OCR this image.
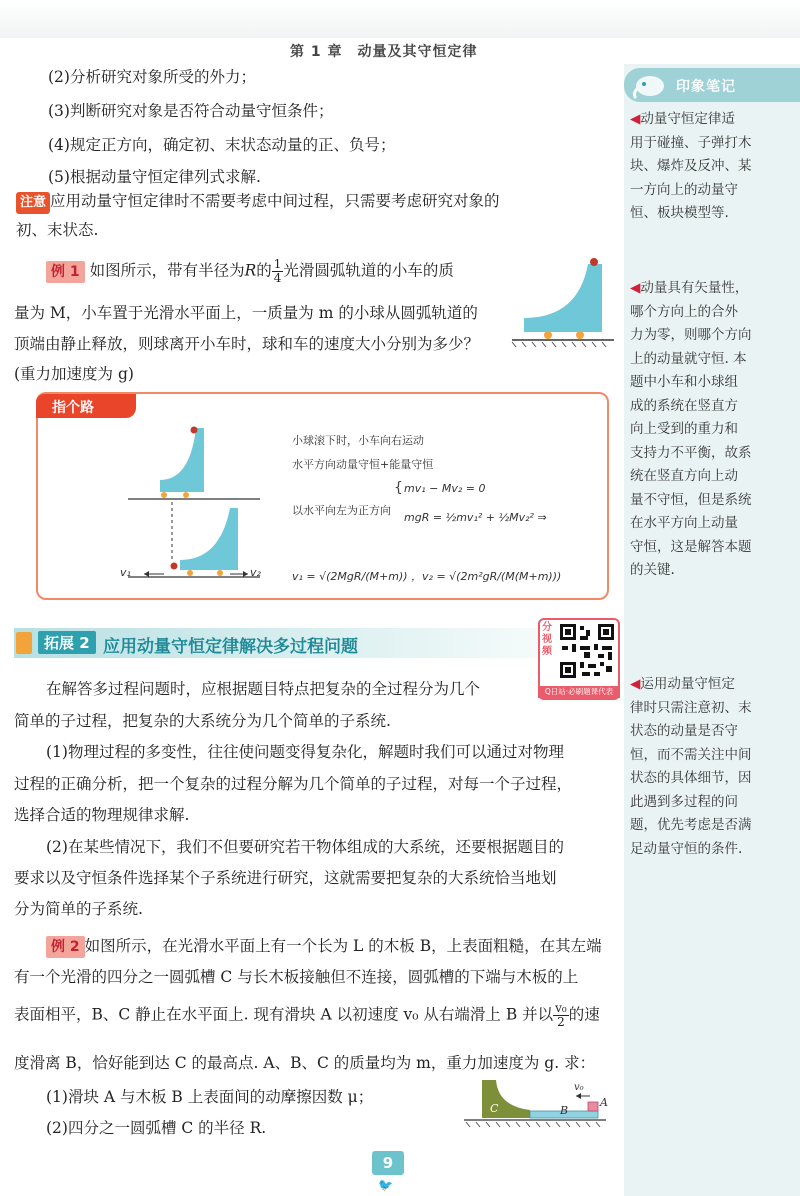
第 1 章　动量及其守恒定律
印象笔记
◀动量守恒定律适
用于碰撞、子弹打木
块、爆炸及反冲、某
一方向上的动量守
恒、板块模型等.
◀动量具有矢量性，
哪个方向上的合外
力为零，则哪个方向
上的动量就守恒. 本
题中小车和小球组
成的系统在竖直方
向上受到的重力和
支持力不平衡，故系
统在竖直方向上动
量不守恒，但是系统
在水平方向上动量
守恒，这是解答本题
的关键.
◀运用动量守恒定
律时只需注意初、末
状态的动量是否守
恒，而不需关注中间
状态的具体细节，因
此遇到多过程的问
题，优先考虑是否满
足动量守恒的条件.
(2)分析研究对象所受的外力；
(3)判断研究对象是否符合动量守恒条件；
(4)规定正方向，确定初、末状态动量的正、负号；
(5)根据动量守恒定律列式求解.
注意 应用动量守恒定律时不需要考虑中间过程，只需要考虑研究对象的
初、末状态.
例 1 如图所示，带有半径为R的 $\frac{1}{4}$ 光滑圆弧轨道的小车的质
量为 M，小车置于光滑水平面上，一质量为 m 的小球从圆弧轨道的
顶端由静止释放，则球离开小车时，球和车的速度大小分别为多少？
(重力加速度为 g)
指个路
v₁	v₂
小球滚下时，小车向右运动
水平方向动量守恒+能量守恒
以水平向左为正方向
{ mv₁ − Mv₂ = 0
mgR = ½mv₁² + ½Mv₂² ⇒
v₁ = √(2MgR/(M+m)) ，v₂ = √(2m²gR/(M(M+m)))
拓展 2 应用动量守恒定律解决多过程问题
分视频
Q日站·必刷题课代表
在解答多过程问题时，应根据题目特点把复杂的全过程分为几个
简单的子过程，把复杂的大系统分为几个简单的子系统.
(1)物理过程的多变性，往往使问题变得复杂化，解题时我们可以通过对物理
过程的正确分析，把一个复杂的过程分解为几个简单的子过程，对每一个子过程，
选择合适的物理规律求解.
(2)在某些情况下，我们不但要研究若干物体组成的大系统，还要根据题目的
要求以及守恒条件选择某个子系统进行研究，这就需要把复杂的大系统恰当地划
分为简单的子系统.
例 2 如图所示，在光滑水平面上有一个长为 L 的木板 B，上表面粗糙，在其左端
有一个光滑的四分之一圆弧槽 C 与长木板接触但不连接，圆弧槽的下端与木板的上
表面相平，B、C 静止在水平面上. 现有滑块 A 以初速度 v₀ 从右端滑上 B 并以 $\frac{\text{v₀}}{2}$ 的速
度滑离 B，恰好能到达 C 的最高点. A、B、C 的质量均为 m，重力加速度为 g. 求：
(1)滑块 A 与木板 B 上表面间的动摩擦因数 μ；
(2)四分之一圆弧槽 C 的半径 R.
C	B
A
v₀
9
🐦
